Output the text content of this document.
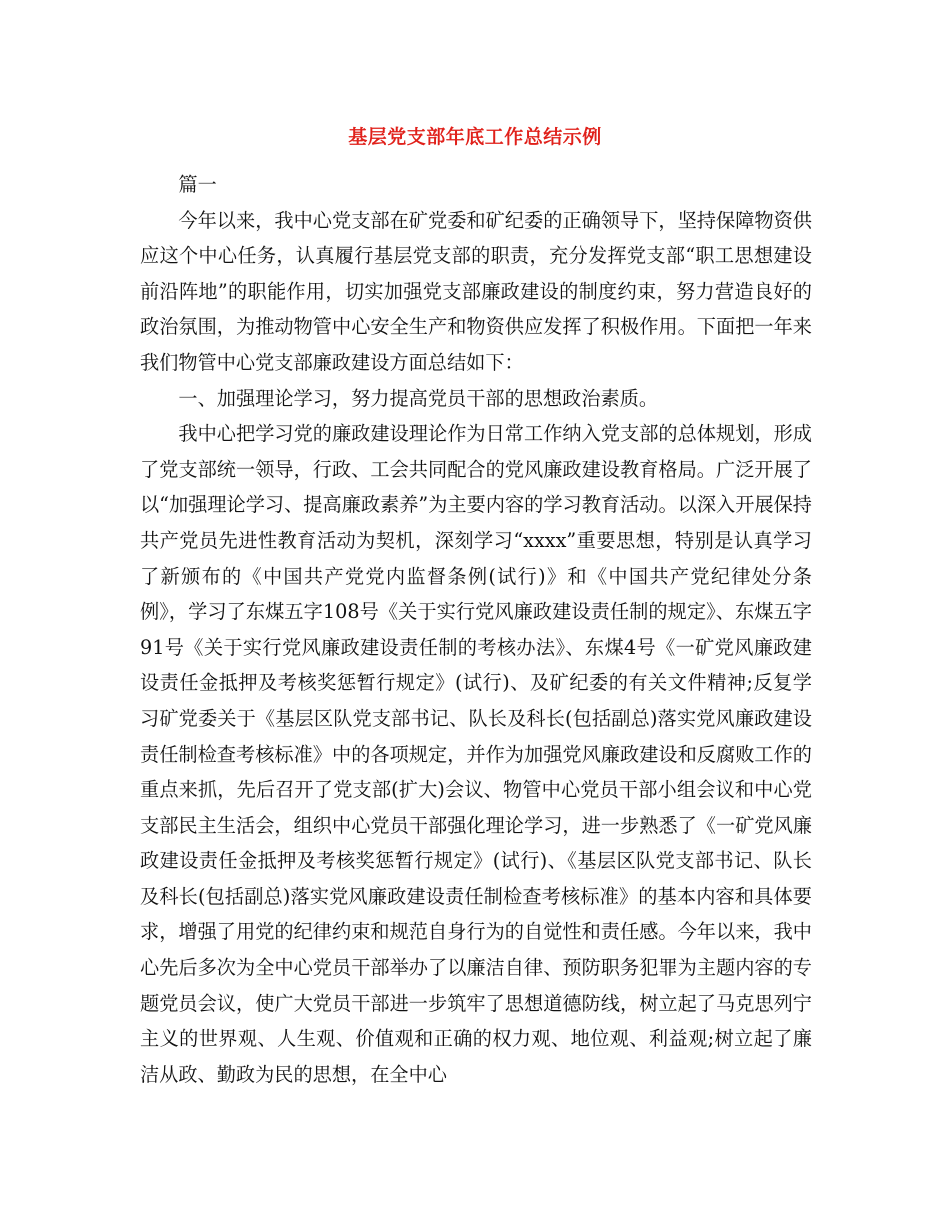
基层党支部年底工作总结示例

篇一

今年以来，我中心党支部在矿党委和矿纪委的正确领导下，坚持保障物资供应这个中心任务，认真履行基层党支部的职责，充分发挥党支部“职工思想建设前沿阵地”的职能作用，切实加强党支部廉政建设的制度约束，努力营造良好的政治氛围，为推动物管中心安全生产和物资供应发挥了积极作用。下面把一年来我们物管中心党支部廉政建设方面总结如下：

一、加强理论学习，努力提高党员干部的思想政治素质。

我中心把学习党的廉政建设理论作为日常工作纳入党支部的总体规划，形成了党支部统一领导，行政、工会共同配合的党风廉政建设教育格局。广泛开展了以“加强理论学习、提高廉政素养”为主要内容的学习教育活动。以深入开展保持共产党员先进性教育活动为契机，深刻学习“xxxx”重要思想，特别是认真学习了新颁布的《中国共产党党内监督条例(试行)》和《中国共产党纪律处分条例》，学习了东煤五字108号《关于实行党风廉政建设责任制的规定》、东煤五字91号《关于实行党风廉政建设责任制的考核办法》、东煤4号《一矿党风廉政建设责任金抵押及考核奖惩暂行规定》(试行)、及矿纪委的有关文件精神;反复学习矿党委关于《基层区队党支部书记、队长及科长(包括副总)落实党风廉政建设责任制检查考核标准》中的各项规定，并作为加强党风廉政建设和反腐败工作的重点来抓，先后召开了党支部(扩大)会议、物管中心党员干部小组会议和中心党支部民主生活会，组织中心党员干部强化理论学习，进一步熟悉了《一矿党风廉政建设责任金抵押及考核奖惩暂行规定》(试行)、《基层区队党支部书记、队长及科长(包括副总)落实党风廉政建设责任制检查考核标准》的基本内容和具体要求，增强了用党的纪律约束和规范自身行为的自觉性和责任感。今年以来，我中心先后多次为全中心党员干部举办了以廉洁自律、预防职务犯罪为主题内容的专题党员会议，使广大党员干部进一步筑牢了思想道德防线，树立起了马克思列宁主义的世界观、人生观、价值观和正确的权力观、地位观、利益观;树立起了廉洁从政、勤政为民的思想，在全中心
